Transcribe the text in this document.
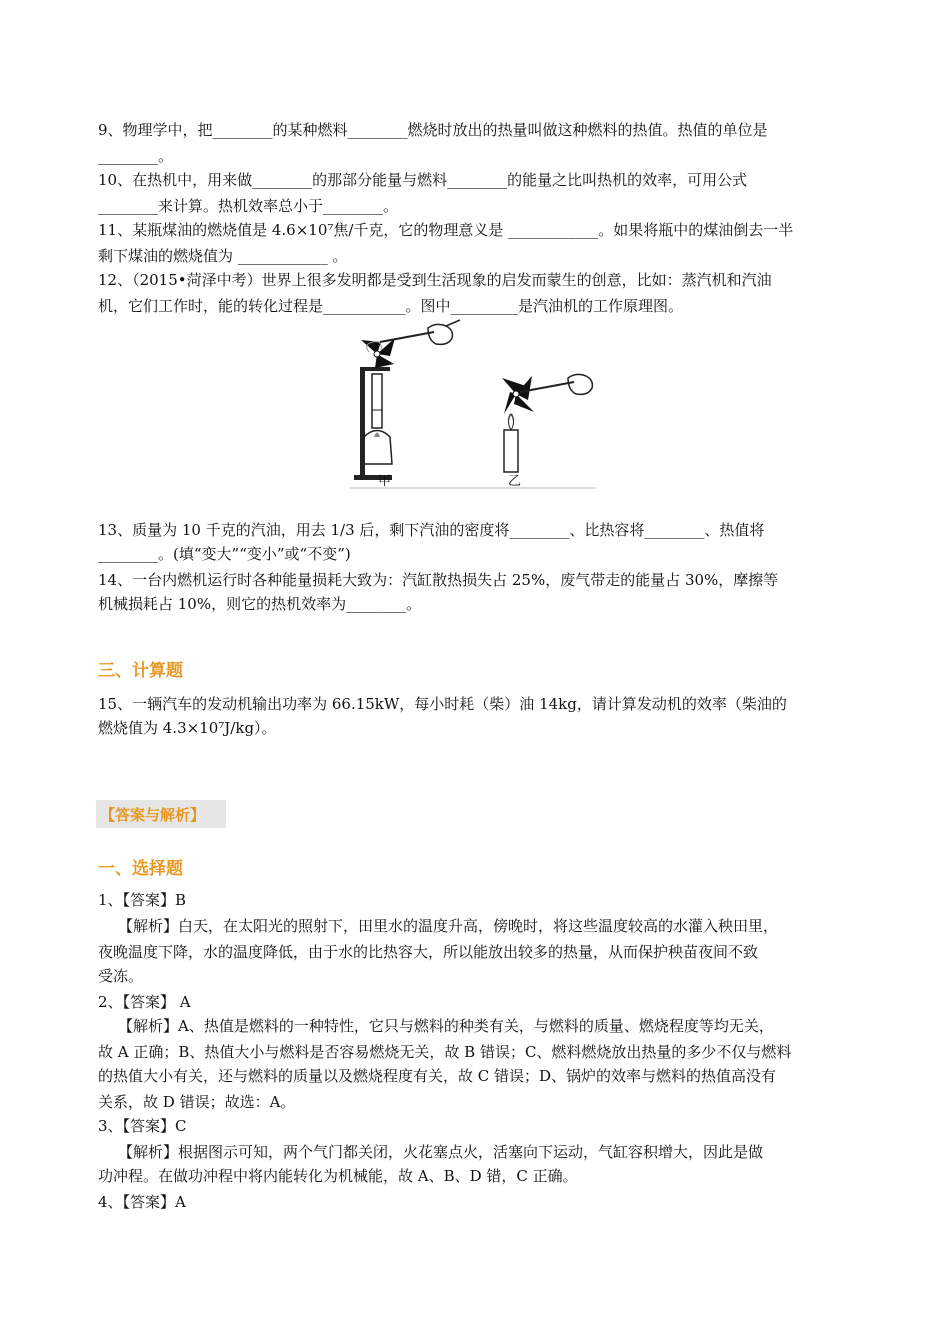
9、物理学中，把________的某种燃料________燃烧时放出的热量叫做这种燃料的热值。热值的单位是
________。
10、在热机中，用来做________的那部分能量与燃料________的能量之比叫热机的效率，可用公式
________来计算。热机效率总小于________。
11、某瓶煤油的燃烧值是 4.6×10⁷焦/千克，它的物理意义是 ____________。如果将瓶中的煤油倒去一半
剩下煤油的燃烧值为 ____________ 。
12、（2015•菏泽中考）世界上很多发明都是受到生活现象的启发而蒙生的创意，比如：蒸汽机和汽油
机，它们工作时，能的转化过程是___________。图中_________是汽油机的工作原理图。
甲	乙
13、质量为 10 千克的汽油，用去 1/3 后，剩下汽油的密度将________、比热容将________、热值将
________。(填“变大”“变小”或“不变”)
14、一台内燃机运行时各种能量损耗大致为：汽缸散热损失占 25%，废气带走的能量占 30%，摩擦等
机械损耗占 10%，则它的热机效率为________。
三、计算题
15、一辆汽车的发动机输出功率为 66.15kW，每小时耗（柴）油 14kg，请计算发动机的效率（柴油的
燃烧值为 4.3×10⁷J/kg）。
【答案与解析】
一、选择题
1、【答案】B
【解析】白天，在太阳光的照射下，田里水的温度升高，傍晚时，将这些温度较高的水灌入秧田里，
夜晚温度下降，水的温度降低，由于水的比热容大，所以能放出较多的热量，从而保护秧苗夜间不致
受冻。
2、【答案】 A
【解析】A、热值是燃料的一种特性，它只与燃料的种类有关，与燃料的质量、燃烧程度等均无关，
故 A 正确；B、热值大小与燃料是否容易燃烧无关，故 B 错误；C、燃料燃烧放出热量的多少不仅与燃料
的热值大小有关，还与燃料的质量以及燃烧程度有关，故 C 错误；D、锅炉的效率与燃料的热值高没有
关系，故 D 错误；故选：A。
3、【答案】C
【解析】根据图示可知，两个气门都关闭，火花塞点火，活塞向下运动，气缸容积增大，因此是做
功冲程。在做功冲程中将内能转化为机械能，故 A、B、D 错，C 正确。
4、【答案】A
